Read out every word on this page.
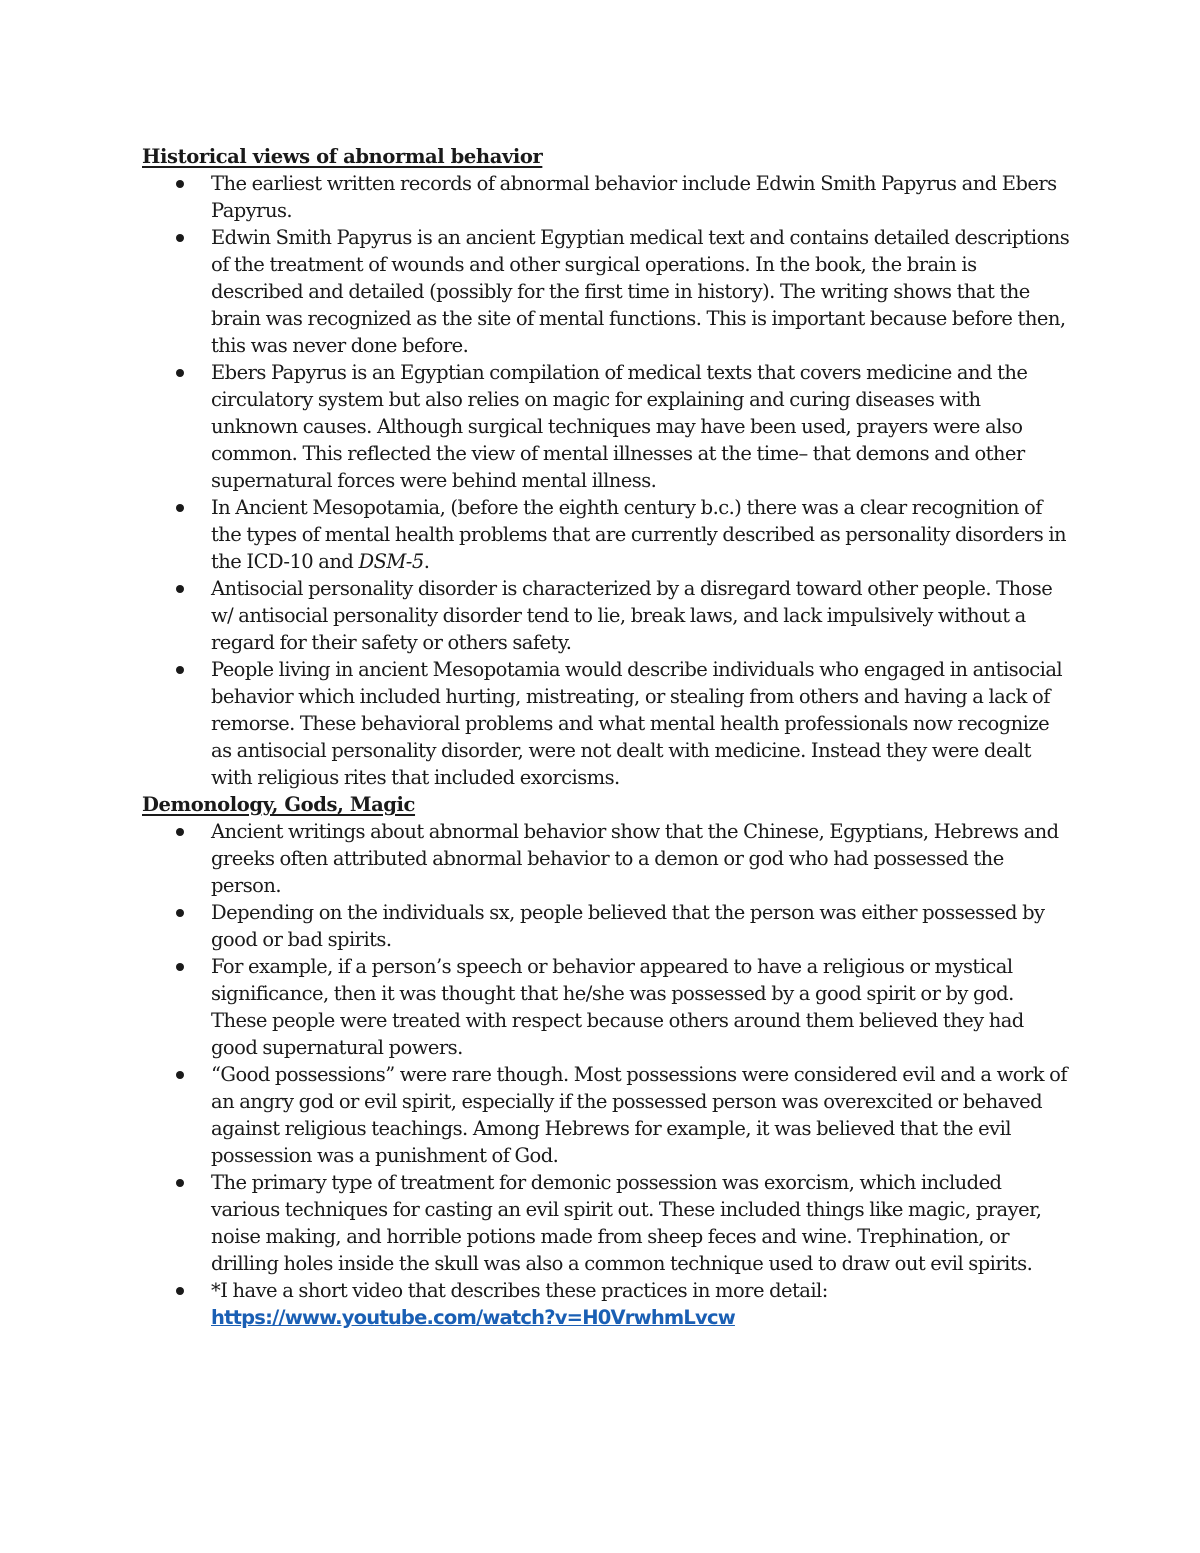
Historical views of abnormal behavior
The earliest written records of abnormal behavior include Edwin Smith Papyrus and Ebers Papyrus.
Edwin Smith Papyrus is an ancient Egyptian medical text and contains detailed descriptions of the treatment of wounds and other surgical operations. In the book, the brain is described and detailed (possibly for the first time in history). The writing shows that the brain was recognized as the site of mental functions. This is important because before then, this was never done before.
Ebers Papyrus is an Egyptian compilation of medical texts that covers medicine and the circulatory system but also relies on magic for explaining and curing diseases with unknown causes. Although surgical techniques may have been used, prayers were also common. This reflected the view of mental illnesses at the time– that demons and other supernatural forces were behind mental illness.
In Ancient Mesopotamia, (before the eighth century b.c.) there was a clear recognition of the types of mental health problems that are currently described as personality disorders in the ICD-10 and DSM-5.
Antisocial personality disorder is characterized by a disregard toward other people. Those w/ antisocial personality disorder tend to lie, break laws, and lack impulsively without a regard for their safety or others safety.
People living in ancient Mesopotamia would describe individuals who engaged in antisocial behavior which included hurting, mistreating, or stealing from others and having a lack of remorse. These behavioral problems and what mental health professionals now recognize as antisocial personality disorder, were not dealt with medicine. Instead they were dealt with religious rites that included exorcisms.
Demonology, Gods, Magic
Ancient writings about abnormal behavior show that the Chinese, Egyptians, Hebrews and greeks often attributed abnormal behavior to a demon or god who had possessed the person.
Depending on the individuals sx, people believed that the person was either possessed by good or bad spirits.
For example, if a person’s speech or behavior appeared to have a religious or mystical significance, then it was thought that he/she was possessed by a good spirit or by god. These people were treated with respect because others around them believed they had good supernatural powers.
“Good possessions” were rare though. Most possessions were considered evil and a work of an angry god or evil spirit, especially if the possessed person was overexcited or behaved against religious teachings. Among Hebrews for example, it was believed that the evil possession was a punishment of God.
The primary type of treatment for demonic possession was exorcism, which included various techniques for casting an evil spirit out. These included things like magic, prayer, noise making, and horrible potions made from sheep feces and wine. Trephination, or drilling holes inside the skull was also a common technique used to draw out evil spirits.
*I have a short video that describes these practices in more detail: https://www.youtube.com/watch?v=H0VrwhmLvcw
